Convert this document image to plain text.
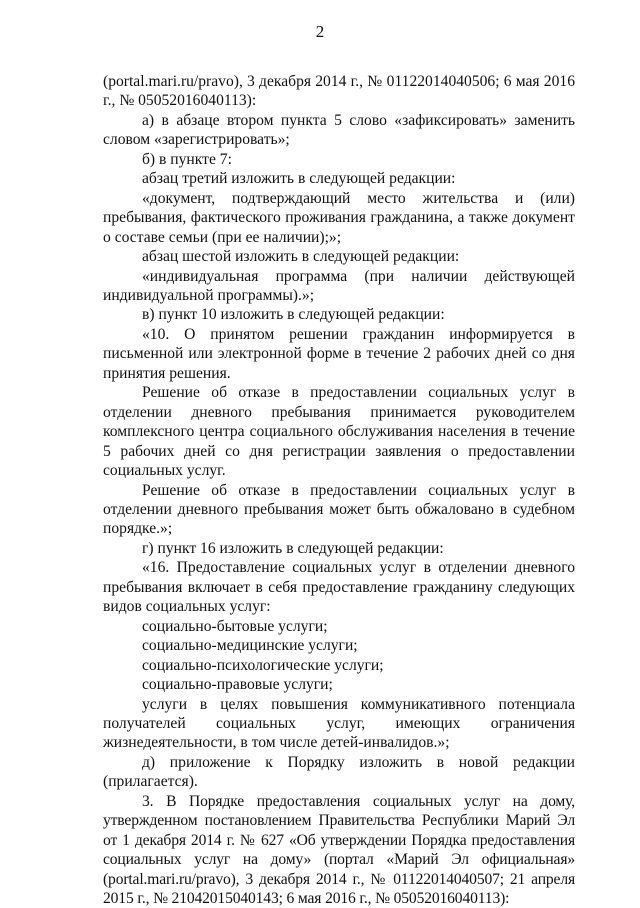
2

(portal.mari.ru/pravo), 3 декабря 2014 г., № 01122014040506; 6 мая 2016 г., № 05052016040113):

а) в абзаце втором пункта 5 слово «зафиксировать» заменить словом «зарегистрировать»;

б) в пункте 7:

абзац третий изложить в следующей редакции:

«документ, подтверждающий место жительства и (или) пребывания, фактического проживания гражданина, а также документ о составе семьи (при ее наличии);»;

абзац шестой изложить в следующей редакции:

«индивидуальная программа (при наличии действующей индивидуальной программы).»;

в) пункт 10 изложить в следующей редакции:

«10. О принятом решении гражданин информируется в письменной или электронной форме в течение 2 рабочих дней со дня принятия решения.

Решение об отказе в предоставлении социальных услуг в отделении дневного пребывания принимается руководителем комплексного центра социального обслуживания населения в течение 5 рабочих дней со дня регистрации заявления о предоставлении социальных услуг.

Решение об отказе в предоставлении социальных услуг в отделении дневного пребывания может быть обжаловано в судебном порядке.»;

г) пункт 16 изложить в следующей редакции:

«16. Предоставление социальных услуг в отделении дневного пребывания включает в себя предоставление гражданину следующих видов социальных услуг:

социально-бытовые услуги;

социально-медицинские услуги;

социально-психологические услуги;

социально-правовые услуги;

услуги в целях повышения коммуникативного потенциала получателей социальных услуг, имеющих ограничения жизнедеятельности, в том числе детей-инвалидов.»;

д) приложение к Порядку изложить в новой редакции (прилагается).

3. В Порядке предоставления социальных услуг на дому, утвержденном постановлением Правительства Республики Марий Эл от 1 декабря 2014 г. № 627 «Об утверждении Порядка предоставления социальных услуг на дому» (портал «Марий Эл официальная» (portal.mari.ru/pravo), 3 декабря 2014 г., № 01122014040507; 21 апреля 2015 г., № 21042015040143; 6 мая 2016 г., № 05052016040113):
